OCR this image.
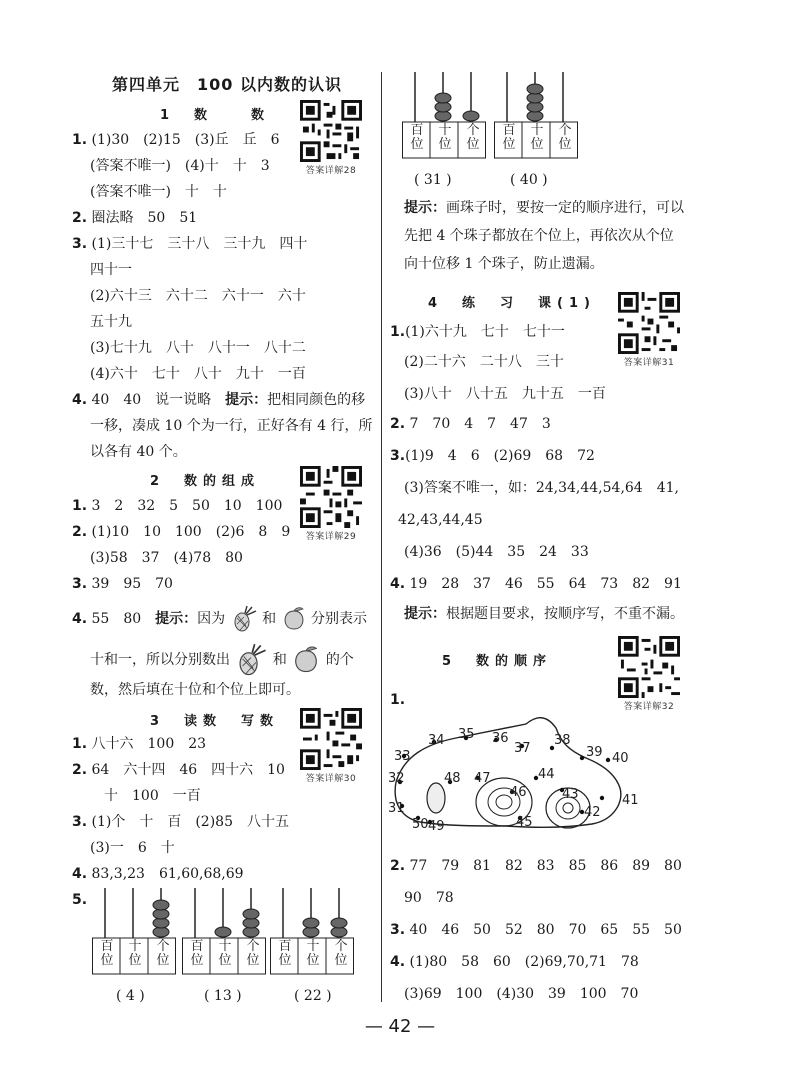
第四单元　100 以内数的认识
1　数　　数
答案详解28
1. (1)30　(2)15　(3)丘　丘　6
(答案不唯一)　(4)十　十　3
(答案不唯一)　十　十
2. 圈法略　50　51
3. (1)三十七　三十八　三十九　四十
四十一
(2)六十三　六十二　六十一　六十
五十九
(3)七十九　八十　八十一　八十二
(4)六十　七十　八十　九十　一百
4. 40　40　说一说略　提示：把相同颜色的移
一移，凑成 10 个为一行，正好各有 4 行，所
以各有 40 个。
2　数的组成
答案详解29
1. 3　2　32　5　50　10　100
2. (1)10　10　100　(2)6　8　9
(3)58　37　(4)78　80
3. 39　95　70
4. 55　80　提示：因为	和 分别表示
十和一，所以分别数出	和	的个
数，然后填在十位和个位上即可。
3　读数　写数
答案详解30
1. 八十六　100　23
2. 64　六十四　46　四十六　10
十　100　一百
3. (1)个　十　百　(2)85　八十五
(3)一　6　十
4. 83,3,23　61,60,68,69
5.
百位
十位
个位
百位
十位
个位
百位
十位
个位
( 4 )	( 13 )	( 22 )
百位
十位
个位
百位
十位
个位
( 31 )	( 40 )
提示：画珠子时，要按一定的顺序进行，可以
先把 4 个珠子都放在个位上，再依次从个位
向十位移 1 个珠子，防止遗漏。
4　练　习　课(1)
答案详解31
1.(1)六十九　七十　七十一
(2)二十六　二十八　三十
(3)八十　八十五　九十五　一百
2. 7　70　4　7　47　3
3.(1)9　4　6　(2)69　68　72
(3)答案不唯一，如：24,34,44,54,64　41,
42,43,44,45
(4)36　(5)44　35　24　33
4. 19　28　37　46　55　64　73　82　91
提示：根据题目要求，按顺序写，不重不漏。
5　数的顺序
答案详解32
1.
31
32
33
34 35 36
37
38
39 40
41
42
43
44
45
46
47
48
49
50
2. 77　79　81　82　83　85　86　89　80
90　78
3. 40　46　50　52　80　70　65　55　50
4. (1)80　58　60　(2)69,70,71　78
(3)69　100　(4)30　39　100　70
— 42 —
